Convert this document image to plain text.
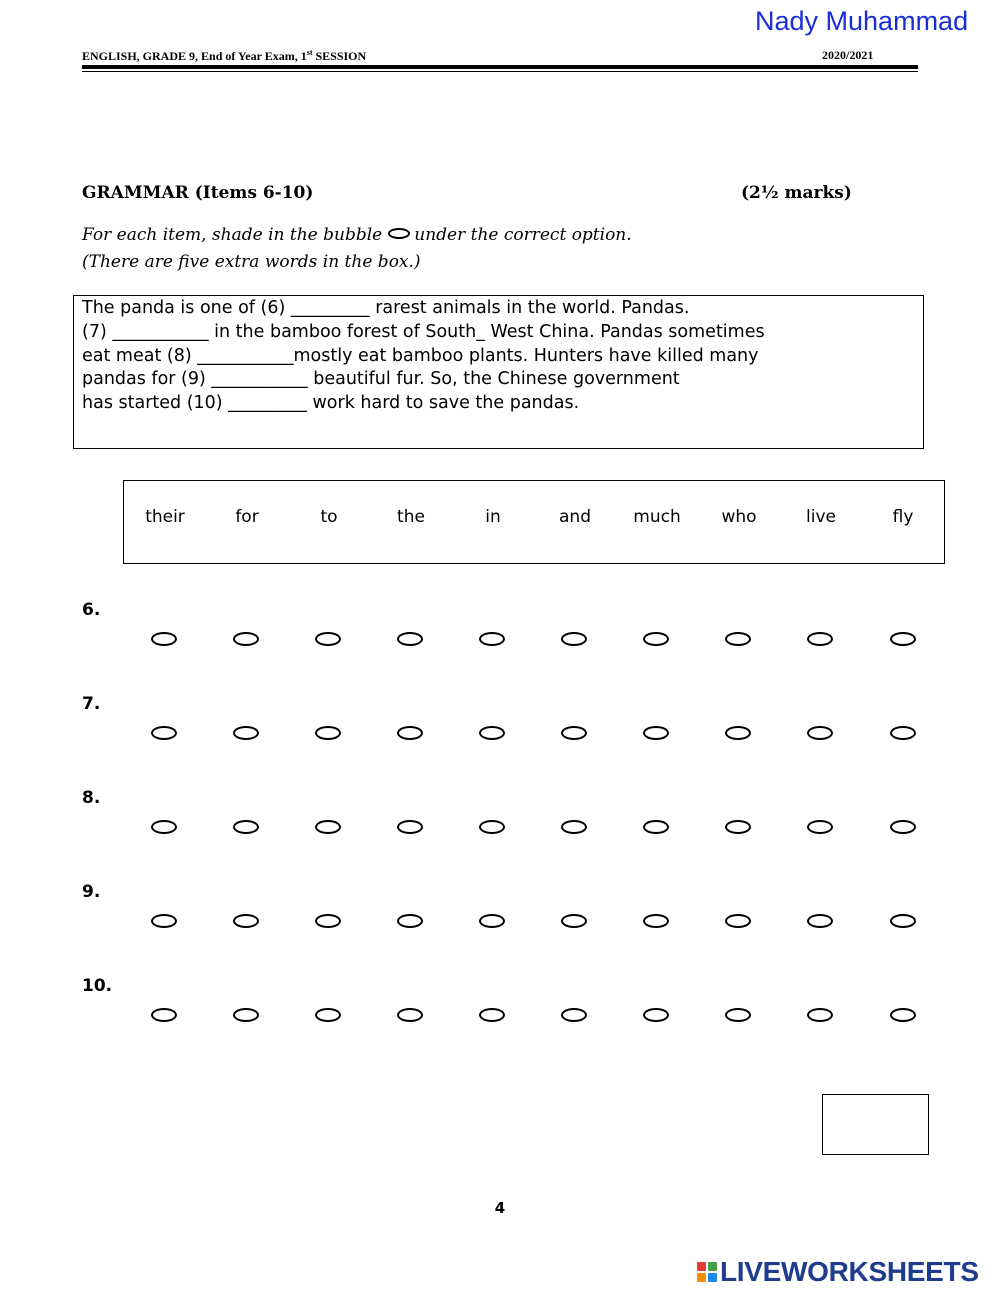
Nady Muhammad
ENGLISH, GRADE 9, End of Year Exam, 1st SESSION	2020/2021
GRAMMAR (Items 6-10)	(2½ marks)
For each item, shade in the bubble under the correct option.
(There are five extra words in the box.)
The panda is one of (6) _________ rarest animals in the world. Pandas.
(7) ___________ in the bamboo forest of South_ West China. Pandas sometimes
eat meat (8) ___________mostly eat bamboo plants. Hunters have killed many
pandas for (9) ___________ beautiful fur. So, the Chinese government
has started (10) _________ work hard to save the pandas.
their	for	to	the	in	and	much	who	live	fly
6.
7.
8.
9.
10.
4
LIVEWORKSHEETS
